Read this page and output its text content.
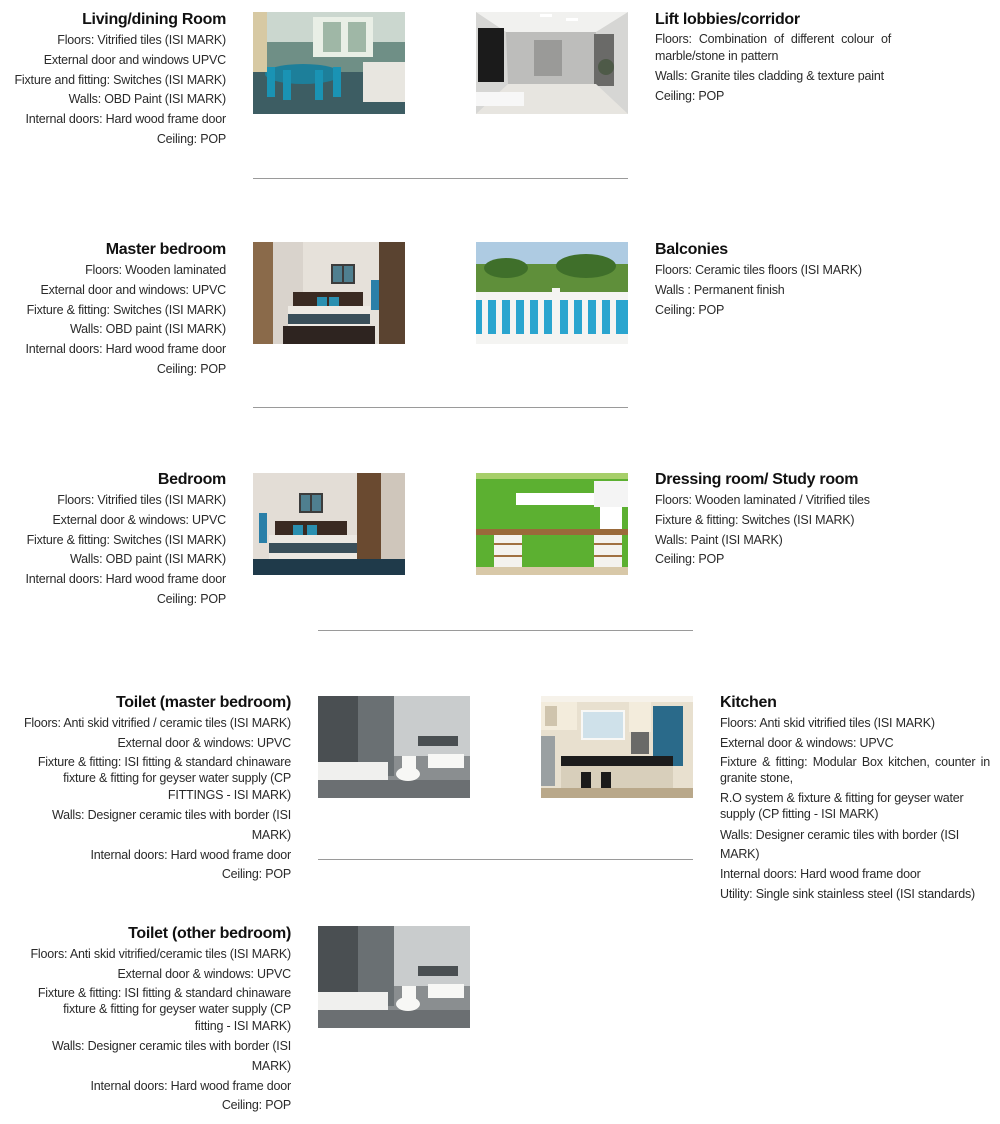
Living/dining Room

Floors: Vitrified tiles (ISI MARK)

External door and windows UPVC

Fixture and fitting: Switches (ISI MARK)

Walls: OBD Paint (ISI MARK)

Internal doors: Hard wood frame door

Ceiling: POP

Lift lobbies/corridor

Floors: Combination of different colour of marble/stone in pattern

Walls: Granite tiles cladding & texture paint

Ceiling: POP

Master bedroom

Floors: Wooden laminated

External door and windows: UPVC

Fixture & fitting: Switches (ISI MARK)

Walls: OBD paint (ISI MARK)

Internal doors: Hard wood frame door

Ceiling: POP

Balconies

Floors: Ceramic tiles floors (ISI MARK)

Walls : Permanent finish

Ceiling: POP

Bedroom

Floors: Vitrified tiles (ISI MARK)

External door & windows: UPVC

Fixture & fitting: Switches (ISI MARK)

Walls: OBD paint (ISI MARK)

Internal doors: Hard wood frame door

Ceiling: POP

Dressing room/ Study room

Floors: Wooden laminated / Vitrified tiles

Fixture & fitting: Switches (ISI MARK)

Walls: Paint (ISI MARK)

Ceiling: POP

Toilet (master bedroom)

Floors: Anti skid vitrified / ceramic tiles (ISI MARK)

External door & windows: UPVC

Fixture & fitting: ISI fitting & standard chinaware fixture & fitting for geyser water supply (CP FITTINGS - ISI MARK)

Walls: Designer ceramic tiles with border (ISI MARK)

Internal doors: Hard wood frame door

Ceiling: POP

Kitchen

Floors: Anti skid vitrified tiles (ISI MARK)

External door & windows: UPVC

Fixture & fitting: Modular Box kitchen, counter in granite stone,

R.O system & fixture & fitting for geyser water supply (CP fitting - ISI MARK)

Walls: Designer ceramic tiles with border (ISI MARK)

Internal doors: Hard wood frame door

Utility: Single sink stainless steel (ISI standards)

Toilet (other bedroom)

Floors: Anti skid vitrified/ceramic tiles (ISI MARK)

External door & windows: UPVC

Fixture & fitting: ISI fitting & standard chinaware fixture & fitting for geyser water supply (CP fitting - ISI MARK)

Walls: Designer ceramic tiles with border (ISI MARK)

Internal doors: Hard wood frame door

Ceiling: POP
